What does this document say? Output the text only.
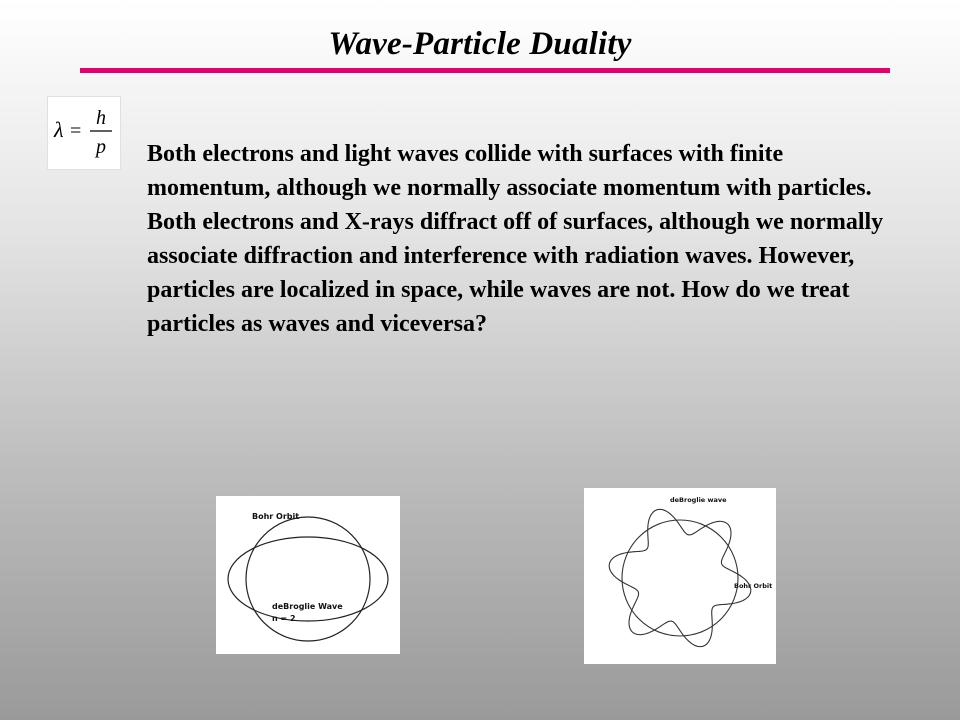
Wave-Particle Duality
λ =
h
p Both electrons and light waves collide with surfaces with finite momentum, although we normally associate momentum with particles. Both electrons and X-rays diffract off of surfaces, although we normally associate diffraction and interference with radiation waves. However, particles are localized in space, while waves are not. How do we treat particles as waves and viceversa?
Bohr Orbit
deBroglie Wave
n = 2
deBroglie wave
Bohr Orbit
